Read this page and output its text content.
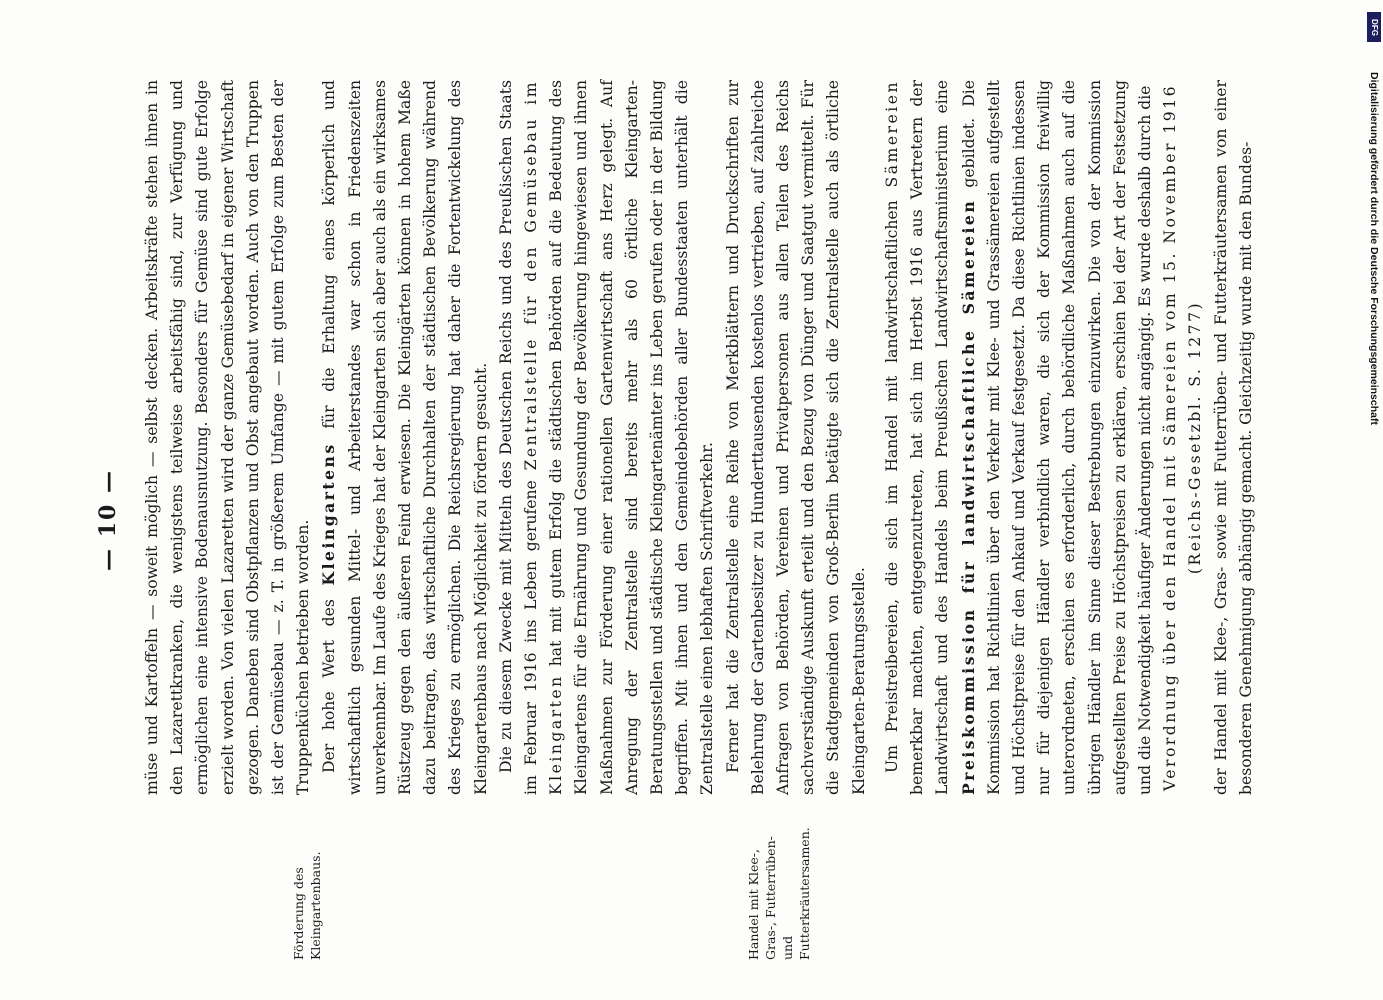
— 10 —
Förderung des Kleingartenbaus.	Handel mit Klee-, Gras-, Futterrüben- und Futterkräutersamen.

müse und Kartoffeln — soweit möglich — selbst decken. Arbeitskräfte stehen ihnen in den Lazarettkranken, die wenigstens teilweise arbeitsfähig sind, zur Verfügung und ermöglichen eine intensive Bodenausnutzung. Besonders für Gemüse sind gute Erfolge erzielt worden. Von vielen Lazaretten wird der ganze Gemüsebedarf in eigener Wirtschaft gezogen. Daneben sind Obstpflanzen und Obst angebaut worden. Auch von den Truppen ist der Gemüsebau — z. T. in größerem Umfange — mit gutem Erfolge zum Besten der Truppenküchen betrieben worden. Der hohe Wert des Kleingartens für die Erhaltung eines körperlich und wirtschaftlich gesunden Mittel- und Arbeiterstandes war schon in Friedenszeiten unverkennbar. Im Laufe des Krieges hat der Kleingarten sich aber auch als ein wirksames Rüstzeug gegen den äußeren Feind erwiesen. Die Kleingärten können in hohem Maße dazu beitragen, das wirtschaftliche Durchhalten der städtischen Bevölkerung während des Krieges zu ermöglichen. Die Reichsregierung hat daher die Fortentwickelung des Kleingartenbaus nach Möglichkeit zu fördern gesucht. Die zu diesem Zwecke mit Mitteln des Deutschen Reichs und des Preußischen Staats im Februar 1916 ins Leben gerufene Zentralstelle für den Gemüsebau im Kleingarten hat mit gutem Erfolg die städtischen Behörden auf die Bedeutung des Kleingartens für die Ernährung und Gesundung der Bevölkerung hingewiesen und ihnen Maßnahmen zur Förderung einer rationellen Gartenwirtschaft ans Herz gelegt. Auf Anregung der Zentralstelle sind bereits mehr als 60 örtliche Kleingarten-Beratungsstellen und städtische Kleingartenämter ins Leben gerufen oder in der Bildung begriffen. Mit ihnen und den Gemeindebehörden aller Bundesstaaten unterhält die Zentralstelle einen lebhaften Schriftverkehr. Ferner hat die Zentralstelle eine Reihe von Merkblättern und Druckschriften zur Belehrung der Gartenbesitzer zu Hunderttausenden kostenlos vertrieben, auf zahlreiche Anfragen von Behörden, Vereinen und Privatpersonen aus allen Teilen des Reichs sachverständige Auskunft erteilt und den Bezug von Dünger und Saatgut vermittelt. Für die Stadtgemeinden von Groß-Berlin betätigte sich die Zentralstelle auch als örtliche Kleingarten-Beratungsstelle. Um Preistreibereien, die sich im Handel mit landwirtschaftlichen Sämereien bemerkbar machten, entgegenzutreten, hat sich im Herbst 1916 aus Vertretern der Landwirtschaft und des Handels beim Preußischen Landwirtschaftsministerium eine Preiskommission für landwirtschaftliche Sämereien gebildet. Die Kommission hat Richtlinien über den Verkehr mit Klee- und Grassämereien aufgestellt und Höchstpreise für den Ankauf und Verkauf festgesetzt. Da diese Richtlinien indessen nur für diejenigen Händler verbindlich waren, die sich der Kommission freiwillig unterordneten, erschien es erforderlich, durch behördliche Maßnahmen auch auf die übrigen Händler im Sinne dieser Bestrebungen einzuwirken. Die von der Kommission aufgestellten Preise zu Höchstpreisen zu erklären, erschien bei der Art der Festsetzung und die Notwendigkeit häufiger Änderungen nicht angängig. Es wurde deshalb durch die Verordnung über den Handel mit Sämereien vom 15. November 1916 (Reichs-Gesetzbl. S. 1277) der Handel mit Klee-, Gras- sowie mit Futterrüben- und Futterkräutersamen von einer besonderen Genehmigung abhängig gemacht. Gleichzeitig wurde mit den Bundes-	Digitalisierung gefördert durch die Deutsche Forschungsgemeinschaft
DFG
